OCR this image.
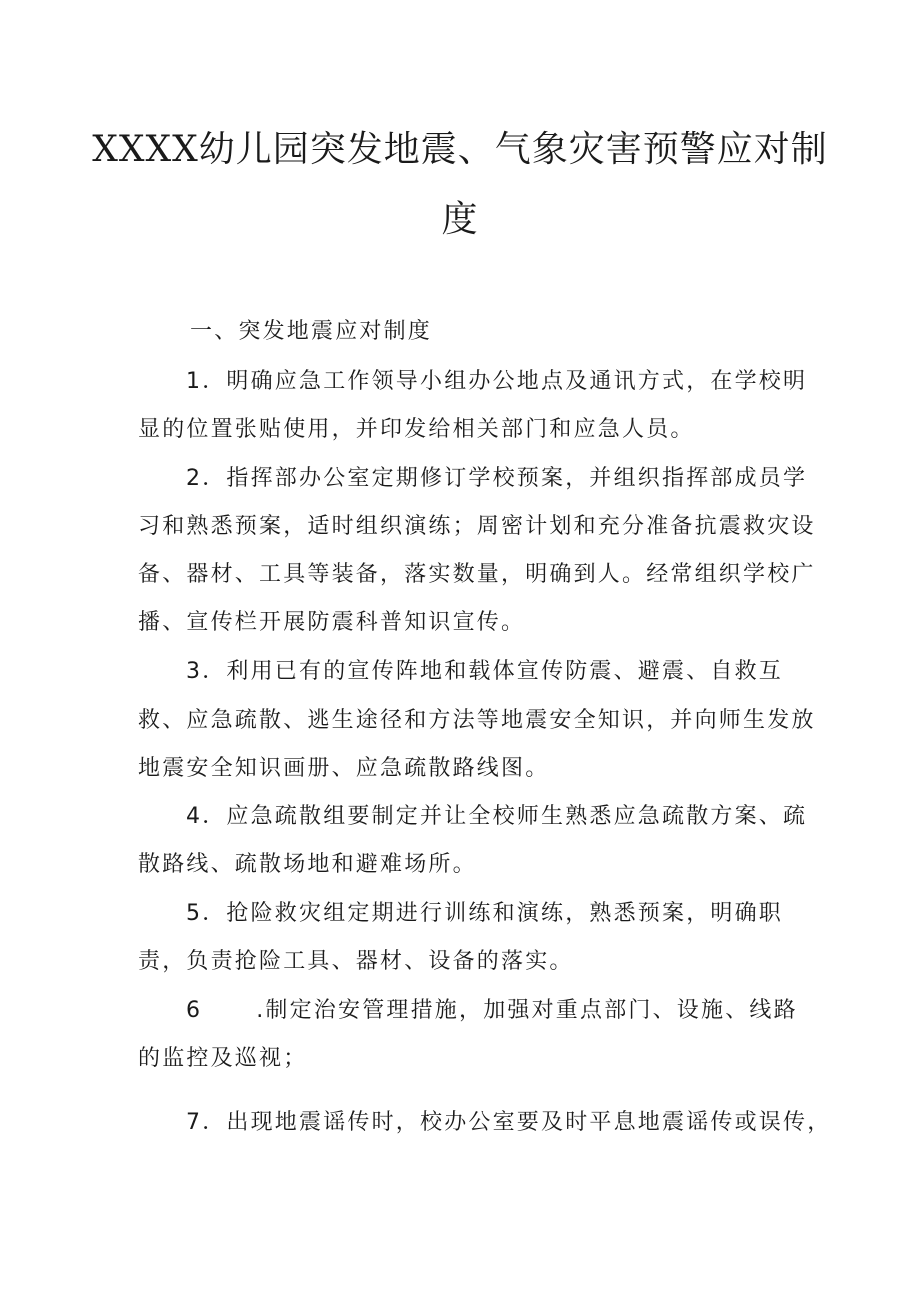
XXXX幼儿园突发地震、气象灾害预警应对制
度

一、突发地震应对制度

1．明确应急工作领导小组办公地点及通讯方式，在学校明

显的位置张贴使用，并印发给相关部门和应急人员。

2．指挥部办公室定期修订学校预案，并组织指挥部成员学

习和熟悉预案，适时组织演练；周密计划和充分准备抗震救灾设

备、器材、工具等装备，落实数量，明确到人。经常组织学校广

播、宣传栏开展防震科普知识宣传。

3．利用已有的宣传阵地和载体宣传防震、避震、自救互

救、应急疏散、逃生途径和方法等地震安全知识，并向师生发放

地震安全知识画册、应急疏散路线图。

4．应急疏散组要制定并让全校师生熟悉应急疏散方案、疏

散路线、疏散场地和避难场所。

5．抢险救灾组定期进行训练和演练，熟悉预案，明确职

责，负责抢险工具、器材、设备的落实。

6 .制定治安管理措施，加强对重点部门、设施、线路

的监控及巡视；

7．出现地震谣传时，校办公室要及时平息地震谣传或误传，
